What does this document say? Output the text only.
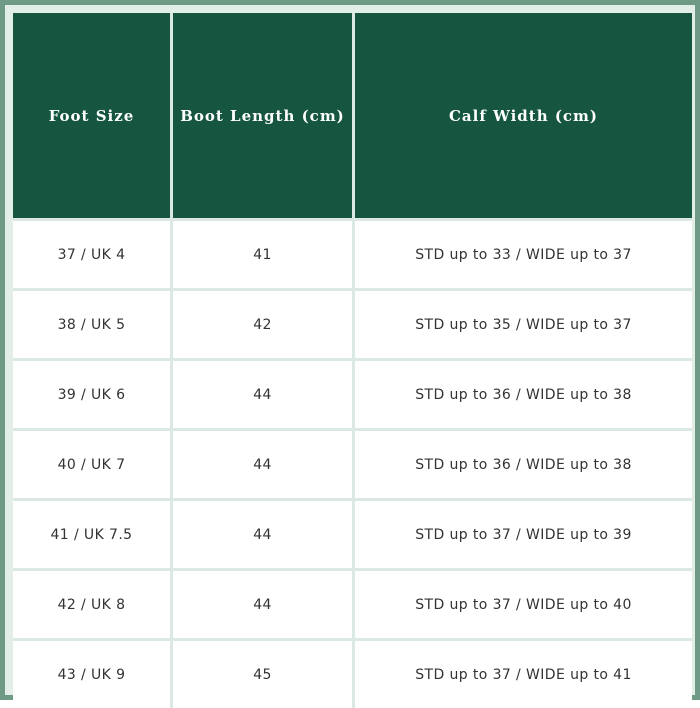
Foot Size	Boot Length (cm)	Calf Width (cm)
37 / UK 4	41	STD up to 33 / WIDE up to 37
38 / UK 5	42	STD up to 35 / WIDE up to 37
39 / UK 6	44	STD up to 36 / WIDE up to 38
40 / UK 7	44	STD up to 36 / WIDE up to 38
41 / UK 7.5	44	STD up to 37 / WIDE up to 39
42 / UK 8	44	STD up to 37 / WIDE up to 40
43 / UK 9	45	STD up to 37 / WIDE up to 41
